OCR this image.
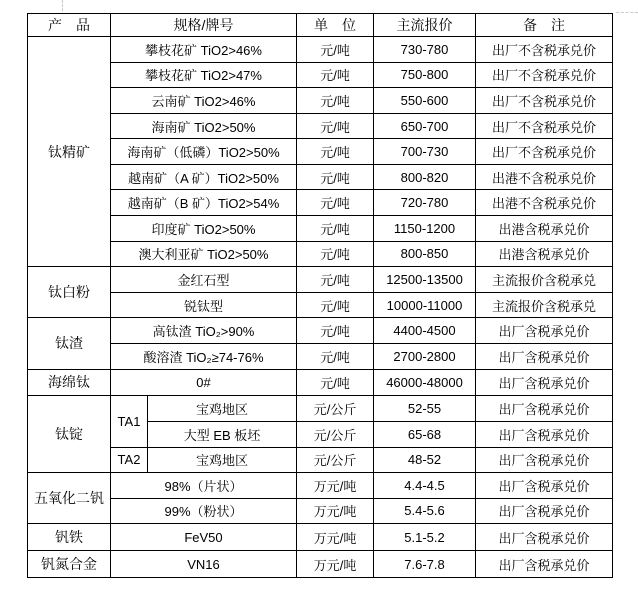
产　品	规格/牌号		单　位	主流报价	备　注
钛精矿	攀枝花矿 TiO2>46%		元/吨	730-780	出厂不含税承兑价
	攀枝花矿 TiO2>47%		元/吨	750-800	出厂不含税承兑价
	云南矿 TiO2>46%		元/吨	550-600	出厂不含税承兑价
	海南矿 TiO2>50%		元/吨	650-700	出厂不含税承兑价
	海南矿（低磷）TiO2>50%		元/吨	700-730	出厂不含税承兑价
	越南矿（A 矿）TiO2>50%		元/吨	800-820	出港不含税承兑价
	越南矿（B 矿）TiO2>54%		元/吨	720-780	出港不含税承兑价
	印度矿 TiO2>50%		元/吨	1150-1200	出港含税承兑价
	澳大利亚矿 TiO2>50%		元/吨	800-850	出港含税承兑价
钛白粉	金红石型		元/吨	12500-13500	主流报价含税承兑
	锐钛型		元/吨	10000-11000	主流报价含税承兑
钛渣	高钛渣 TiO₂>90%		元/吨	4400-4500	出厂含税承兑价
	酸溶渣 TiO₂≥74-76%		元/吨	2700-2800	出厂含税承兑价
海绵钛	0#		元/吨	46000-48000	出厂含税承兑价
钛锭	TA1	宝鸡地区	元/公斤	52-55	出厂含税承兑价
		大型 EB 板坯	元/公斤	65-68	出厂含税承兑价
	TA2	宝鸡地区	元/公斤	48-52	出厂含税承兑价
五氧化二钒	98%（片状）		万元/吨	4.4-4.5	出厂含税承兑价
	99%（粉状）		万元/吨	5.4-5.6	出厂含税承兑价
钒铁	FeV50		万元/吨	5.1-5.2	出厂含税承兑价
钒氮合金	VN16		万元/吨	7.6-7.8	出厂含税承兑价
